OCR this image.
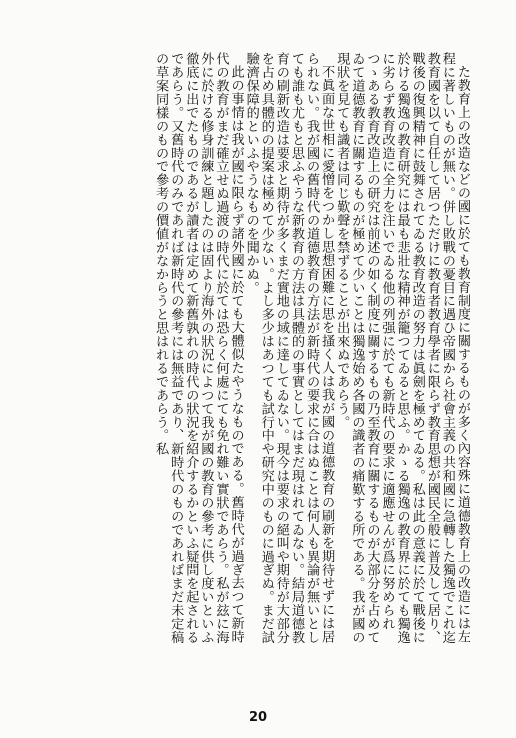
た教育上の改造などの國に於ても教育制度に關するものが多く內容殊に道德教育上の改造には左程に著しいものが無い。併し敗戰の憂目に遇ひ帝國から社會主義の共和國に急轉した獨逸でこれ迄教育國を以て自任して居つただけに教育者教育學者に限らず教育思想が國民全般に普及して居り、戰後の復興精神に鼓舞されてゐる教育改造の努力は眞劍を極めてゐる。私は此の意義に於て戰後に於ける獨逸の教育研究には最も悲壯な精神が籠つてゐると思ふ。かゝる獨逸の教育界に於ても獨逸に劣らず教育改造に全力を注いでゐる他の列强に於ても新時代の要求に適應せんが爲に努められつゝある教育改造上の研究は前述の如く制度に關するもの乃至教育に關するものが大部分を占めてゐて道德教育に關するものが極めて少いことは獨逸始め各國の識者の痛歎する所である。我が國の現狀を見ても識者は同じ歎聲を禁ずることが出來ぬであらう。

不眞面な世相に愛憎をつかし思想困難に思を搔く人は我が國の道德教育の刷新を期待せずには居られない。我が國の舊時代の道德教育の方法が新時代の要求に合はぬことは何人も異論が無いとしても誰も尤もと思ふやうな新教育の方法は具體的の事實としてはまだ現はれてゐない。結局道德教育の刷新改造は要求と期待が多くまだ實地の域に達してゐない。現今は要求の絕叫や期待が大部分を占め具體的の提案は極めて少ない。よし多少はあつても試行中や研究中のものに過ぎぬ。まだ試驗濟保障的といふやうなものを聞かぬ。

此の事情は我が國に限らず諸外國に於ても大體似たやうなものである。舊時代が過ぎ去つて新時代の教育がまだ確立せぬ過渡の時代に於ては恐らく何處にても免れ難い實狀であらう。私が玆に海外に於ける修身訓練と題したのは固より海外の狀況によつて我が國の教育の參考に供し度いといふ徹底に出でたものであるが讀者は定めて新舊孰れの時代の狀況を紹介するかといふ疑問を起されるであらう。又舊時代のみであれば新時代の參考には無益であり、新時代のものであればまだ未定稿の草案同樣のもので參考の價値がなからうと思はれるであらう。私

20
